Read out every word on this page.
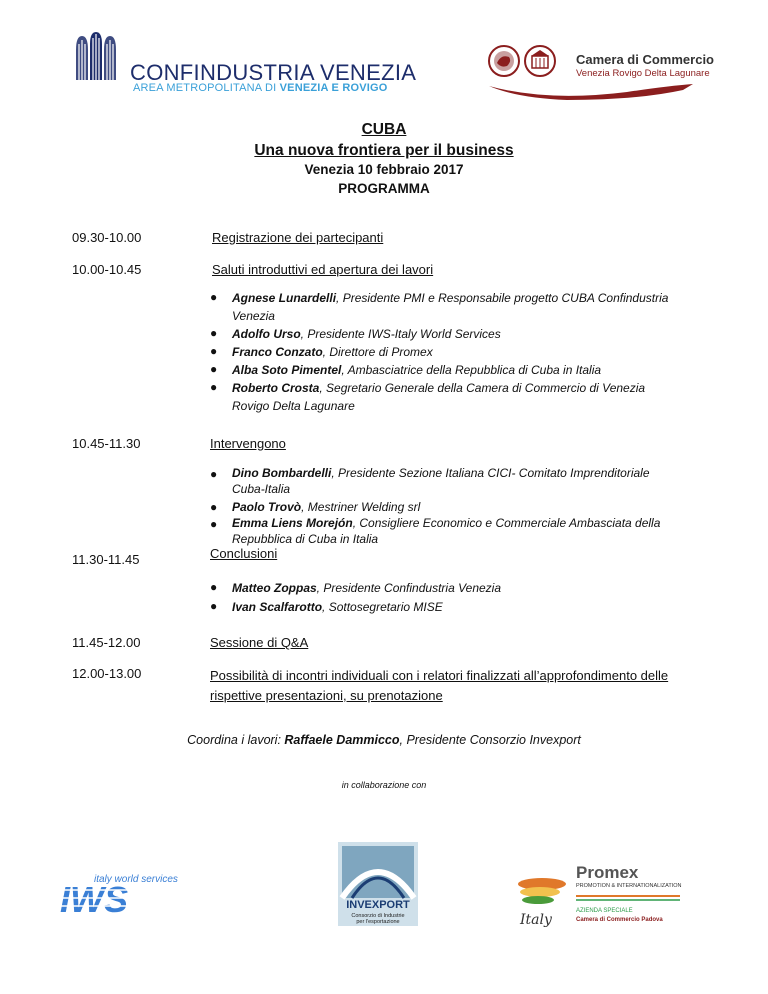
CONFINDUSTRIA VENEZIA
AREA METROPOLITANA DI VENEZIA E ROVIGO
Camera di Commercio
Venezia Rovigo Delta Lagunare
CUBA
Una nuova frontiera per il business
Venezia 10 febbraio 2017
PROGRAMMA
09.30-10.00	Registrazione dei partecipanti
10.00-10.45	Saluti introduttivi ed apertura dei lavori
● Agnese Lunardelli, Presidente PMI e Responsabile progetto CUBA Confindustria
Venezia
● Adolfo Urso, Presidente IWS-Italy World Services
● Franco Conzato, Direttore di Promex
● Alba Soto Pimentel, Ambasciatrice della Repubblica di Cuba in Italia
● Roberto Crosta, Segretario Generale della Camera di Commercio di Venezia
Rovigo Delta Lagunare
10.45-11.30	Intervengono
● Dino Bombardelli, Presidente Sezione Italiana CICI- Comitato Imprenditoriale
Cuba-Italia
● Paolo Trovò, Mestriner Welding srl
● Emma Liens Morejón, Consigliere Economico e Commerciale Ambasciata della
Repubblica di Cuba in Italia
11.30-11.45	Conclusioni
● Matteo Zoppas, Presidente Confindustria Venezia
● Ivan Scalfarotto, Sottosegretario MISE
11.45-12.00	Sessione di Q&A
12.00-13.00	Possibilità di incontri individuali con i relatori finalizzati all’approfondimento delle
rispettive presentazioni, su prenotazione
Coordina i lavori: Raffaele Dammicco, Presidente Consorzio Invexport
in collaborazione con
italy world services
IWS	INVEXPORT
Consorzio di Industrie
per l'esportazione	Italy
Promex
PROMOTION & INTERNATIONALIZATION
AZIENDA SPECIALE
Camera di Commercio Padova
